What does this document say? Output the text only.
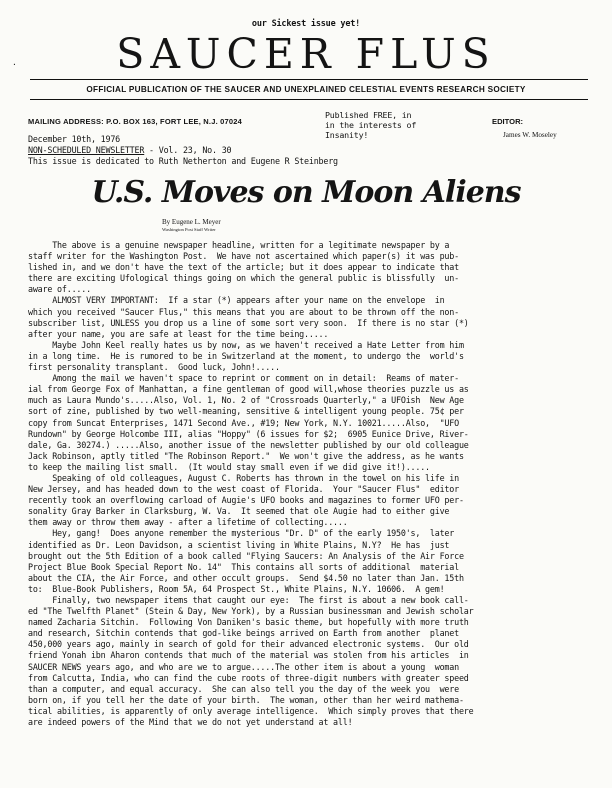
our Sickest issue yet!
SAUCER FLUS
·
OFFICIAL PUBLICATION OF THE SAUCER AND UNEXPLAINED CELESTIAL EVENTS RESEARCH SOCIETY
MAILING ADDRESS: P.O. BOX 163, FORT LEE, N.J. 07024
Published FREE, in
in the interests of
Insanity!
EDITOR:
James W. Moseley
December 10th, 1976
NON-SCHEDULED NEWSLETTER - Vol. 23, No. 30
This issue is dedicated to Ruth Netherton and Eugene R Steinberg
U.S. Moves on Moon Aliens
By Eugene L. Meyer
Washington Post Staff Writer
The above is a genuine newspaper headline, written for a legitimate newspaper by a
staff writer for the Washington Post.  We have not ascertained which paper(s) it was pub-
lished in, and we don't have the text of the article; but it does appear to indicate that
there are exciting Ufological things going on which the general public is blissfully  un-
aware of.....
ALMOST VERY IMPORTANT:  If a star (*) appears after your name on the envelope  in
which you received "Saucer Flus," this means that you are about to be thrown off the non-
subscriber list, UNLESS you drop us a line of some sort very soon.  If there is no star (*)
after your name, you are safe at least for the time being.....
Maybe John Keel really hates us by now, as we haven't received a Hate Letter from him
in a long time.  He is rumored to be in Switzerland at the moment, to undergo the  world's
first personality transplant.  Good luck, John!.....
Among the mail we haven't space to reprint or comment on in detail:  Reams of mater-
ial from George Fox of Manhattan, a fine gentleman of good will,whose theories puzzle us as
much as Laura Mundo's.....Also, Vol. 1, No. 2 of "Crossroads Quarterly," a UFOish  New Age
sort of zine, published by two well-meaning, sensitive & intelligent young people. 75¢ per
copy from Suncat Enterprises, 1471 Second Ave., #19; New York, N.Y. 10021.....Also,  "UFO
Rundown" by George Holcombe III, alias "Hoppy" (6 issues for $2;  6905 Eunice Drive, River-
dale, Ga. 30274.) .....Also, another issue of the newsletter published by our old colleague
Jack Robinson, aptly titled "The Robinson Report."  We won't give the address, as he wants
to keep the mailing list small.  (It would stay small even if we did give it!).....
Speaking of old colleagues, August C. Roberts has thrown in the towel on his life in
New Jersey, and has headed down to the west coast of Florida.  Your "Saucer Flus"  editor
recently took an overflowing carload of Augie's UFO books and magazines to former UFO per-
sonality Gray Barker in Clarksburg, W. Va.  It seemed that ole Augie had to either give
them away or throw them away - after a lifetime of collecting.....
Hey, gang!  Does anyone remember the mysterious "Dr. D" of the early 1950's,  later
identified as Dr. Leon Davidson, a scientist living in White Plains, N.Y?  He has  just
brought out the 5th Edition of a book called "Flying Saucers: An Analysis of the Air Force
Project Blue Book Special Report No. 14"  This contains all sorts of additional  material
about the CIA, the Air Force, and other occult groups.  Send $4.50 no later than Jan. 15th
to:  Blue-Book Publishers, Room 5A, 64 Prospect St., White Plains, N.Y. 10606.  A gem!
Finally, two newspaper items that caught our eye:  The first is about a new book call-
ed "The Twelfth Planet" (Stein & Day, New York), by a Russian businessman and Jewish scholar
named Zacharia Sitchin.  Following Von Daniken's basic theme, but hopefully with more truth
and research, Sitchin contends that god-like beings arrived on Earth from another  planet
450,000 years ago, mainly in search of gold for their advanced electronic systems.  Our old
friend Yonah ibn Aharon contends that much of the material was stolen from his articles  in
SAUCER NEWS years ago, and who are we to argue.....The other item is about a young  woman
from Calcutta, India, who can find the cube roots of three-digit numbers with greater speed
than a computer, and equal accuracy.  She can also tell you the day of the week you  were
born on, if you tell her the date of your birth.  The woman, other than her weird mathema-
tical abilities, is apparently of only average intelligence.  Which simply proves that there
are indeed powers of the Mind that we do not yet understand at all!
